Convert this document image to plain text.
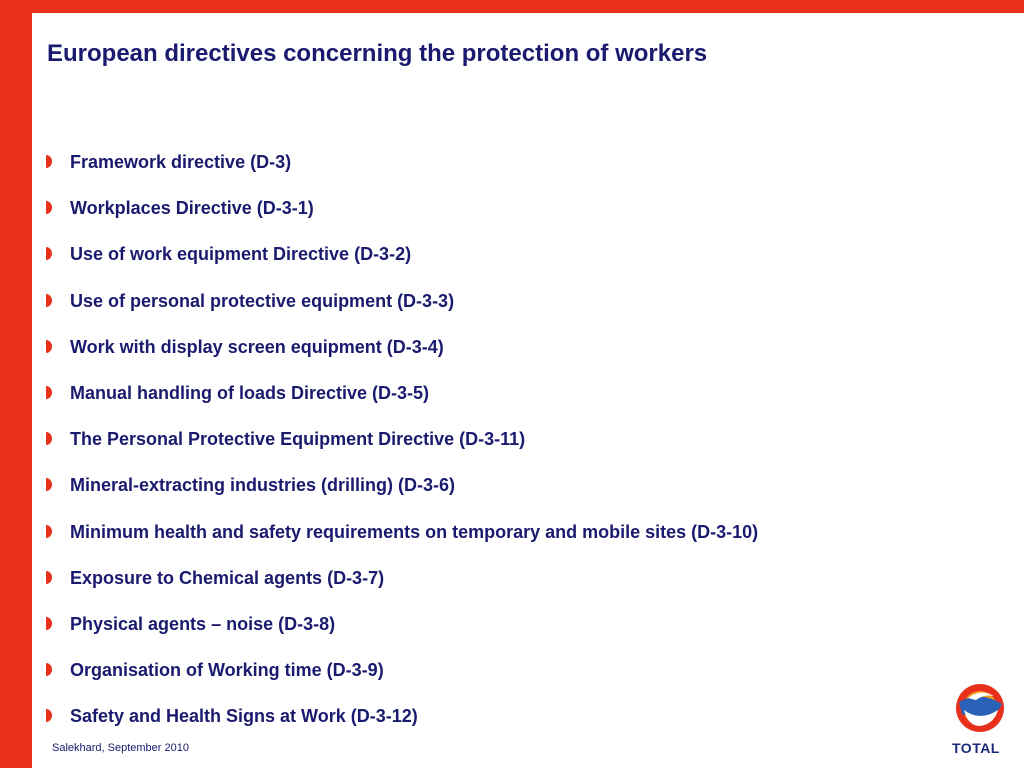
European directives concerning the protection of workers
Framework directive (D-3)
Workplaces Directive (D-3-1)
Use of work equipment Directive (D-3-2)
Use of personal protective equipment (D-3-3)
Work with display screen equipment (D-3-4)
Manual handling of loads Directive (D-3-5)
The Personal Protective Equipment Directive (D-3-11)
Mineral-extracting industries (drilling) (D-3-6)
Minimum health and safety requirements on temporary and mobile sites (D-3-10)
Exposure to Chemical agents (D-3-7)
Physical agents – noise (D-3-8)
Organisation of Working time (D-3-9)
Safety and Health Signs at Work (D-3-12)
Salekhard, September 2010	TOTAL
